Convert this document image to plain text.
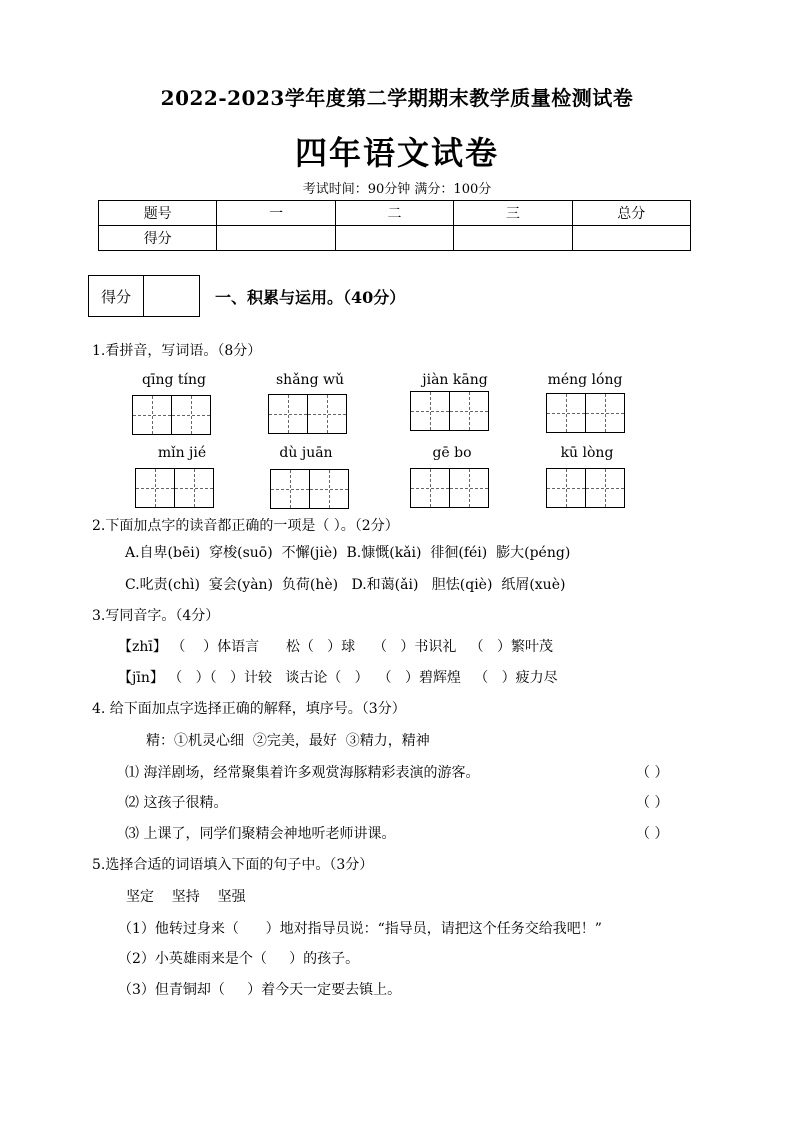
2022-2023学年度第二学期期末教学质量检测试卷
四年语文试卷
考试时间：90分钟 满分：100分
题号	一	二	三	总分
得分				
得分	一、积累与运用。（40分）
1.看拼音，写词语。（8分）
qīng tíng	shǎng wǔ	jiàn kāng	méng lóng
mǐn jié	dù juān	gē bo	kū lòng
2.下面加点字的读音都正确的一项是（ ）。（2分）
A.自卑(bēi)  穿梭(suō)  不懈(jiè)  B.慷慨(kǎi)  徘徊(féi)  膨大(péng)
C.叱责(chì)  宴会(yàn)  负荷(hè)   D.和蔼(ǎi)   胆怯(qiè)  纸屑(xuè)
3.写同音字。（4分）
【zhī】 （    ）体语言      松（   ）球    （   ）书识礼   （   ）繁叶茂
【jīn】 （   ）（   ）计较   谈古论（   ）  （   ）碧辉煌   （   ）疲力尽
4. 给下面加点字选择正确的解释，填序号。（3分）
精：①机灵心细  ②完美，最好  ③精力，精神
⑴ 海洋剧场，经常聚集着许多观赏海豚精彩表演的游客。	（ ）
⑵ 这孩子很精。	（ ）
⑶ 上课了，同学们聚精会神地听老师讲课。	（ ）
5.选择合适的词语填入下面的句子中。（3分）
坚定    坚持    坚强
（1）他转过身来（      ）地对指导员说：“指导员，请把这个任务交给我吧！”
（2）小英雄雨来是个（     ）的孩子。
（3）但青铜却（     ）着今天一定要去镇上。
